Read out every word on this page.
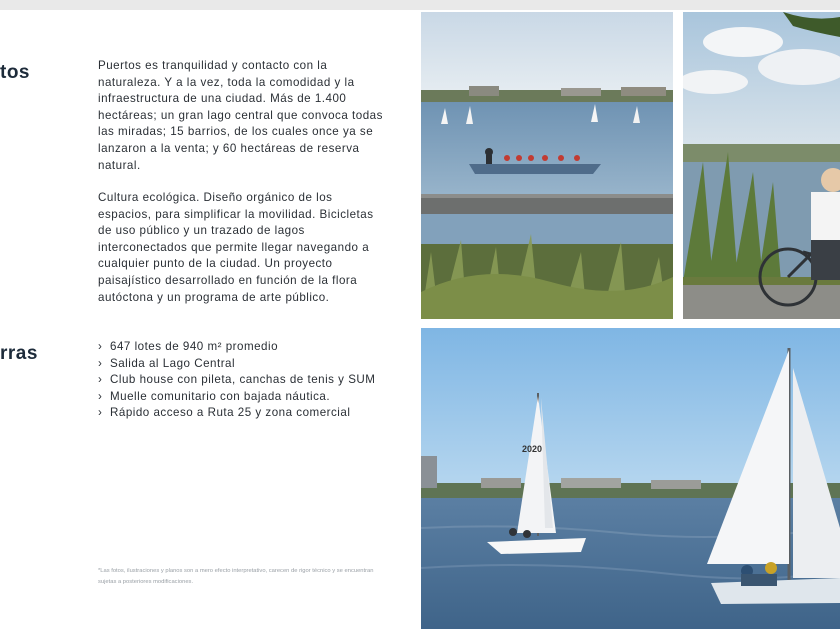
tos	Puertos es tranquilidad y contacto con la naturaleza. Y a la vez, toda la comodidad y la infraestructura de una ciudad. Más de 1.400 hectáreas; un gran lago central que convoca todas las miradas; 15 barrios, de los cuales once ya se lanzaron a la venta; y 60 hectáreas de reserva natural.

Cultura ecológica. Diseño orgánico de los espacios, para simplificar la movilidad. Bicicletas de uso público y un trazado de lagos interconectados que permite llegar navegando a cualquier punto de la ciudad. Un proyecto paisajístico desarrollado en función de la flora autóctona y un programa de arte público.

rras	› 647 lotes de 940 m² promedio
› Salida al Lago Central
› Club house con pileta, canchas de tenis y SUM
› Muelle comunitario con bajada náutica.
› Rápido acceso a Ruta 25 y zona comercial

*Las fotos, ilustraciones y planos son a mero efecto interpretativo, carecen de rigor técnico y se encuentran sujetas a posteriores modificaciones.

2020
